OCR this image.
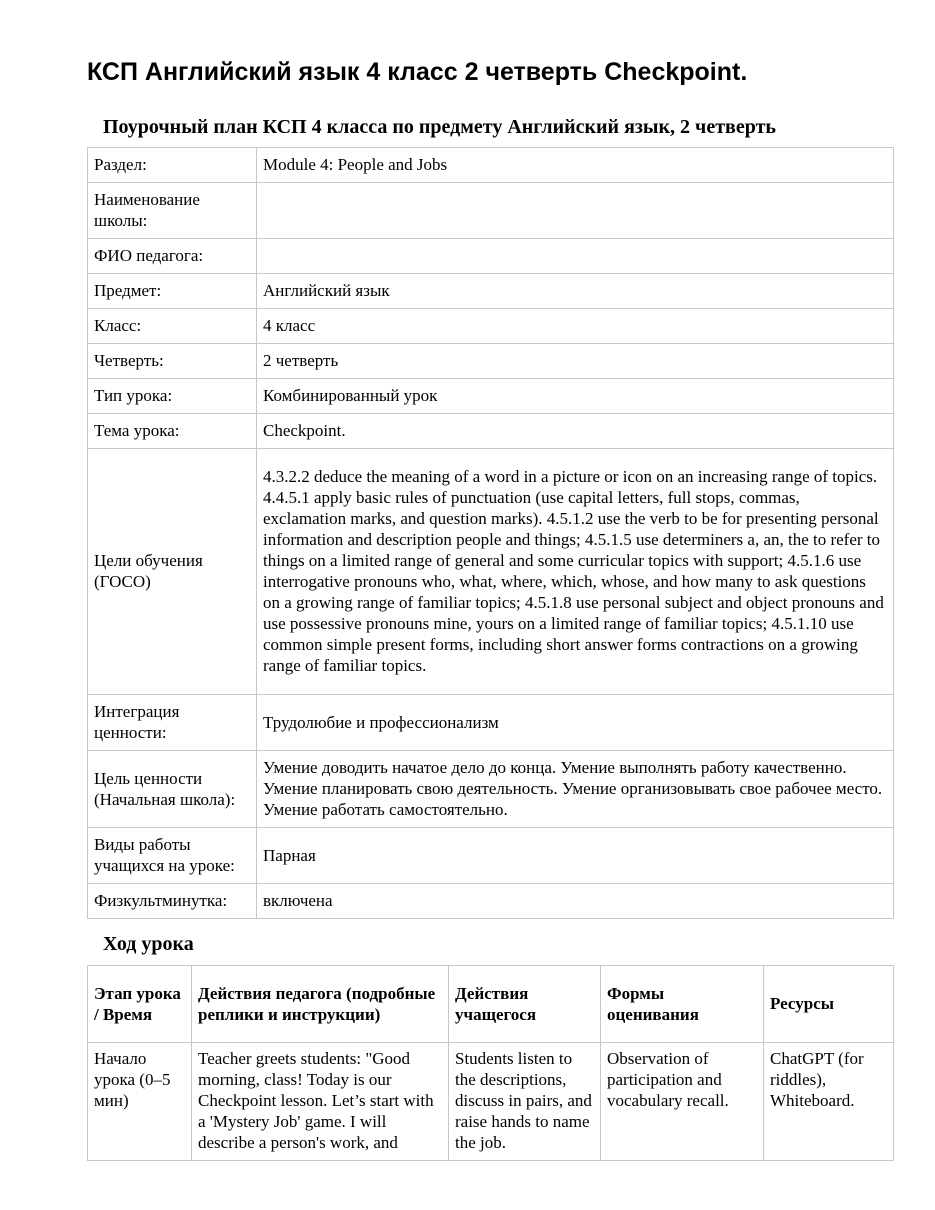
КСП Английский язык 4 класс 2 четверть Checkpoint.
Поурочный план КСП 4 класса по предмету Английский язык, 2 четверть
Раздел:	Module 4: People and Jobs
Наименование школы:	
ФИО педагога:	
Предмет:	Английский язык
Класс:	4 класс
Четверть:	2 четверть
Тип урока:	Комбинированный урок
Тема урока:	Checkpoint.
Цели обучения (ГОСО)	4.3.2.2 deduce the meaning of a word in a picture or icon on an increasing range of topics. 4.4.5.1 apply basic rules of punctuation (use capital letters, full stops, commas, exclamation marks, and question marks). 4.5.1.2 use the verb to be for presenting personal information and description people and things; 4.5.1.5 use determiners a, an, the to refer to things on a limited range of general and some curricular topics with support; 4.5.1.6 use interrogative pronouns who, what, where, which, whose, and how many to ask questions on a growing range of familiar topics; 4.5.1.8 use personal subject and object pronouns and use possessive pronouns mine, yours on a limited range of familiar topics; 4.5.1.10 use common simple present forms, including short answer forms contractions on a growing range of familiar topics.
Интеграция ценности:	Трудолюбие и профессионализм
Цель ценности (Начальная школа):	Умение доводить начатое дело до конца. Умение выполнять работу качественно. Умение планировать свою деятельность. Умение организовывать свое рабочее место. Умение работать самостоятельно.
Виды работы учащихся на уроке:	Парная
Физкультминутка:	включена
Ход урока
Этап урока / Время	Действия педагога (подробные реплики и инструкции)	Действия учащегося	Формы оценивания	Ресурсы
Начало урока (0–5 мин)	Teacher greets students: "Good morning, class! Today is our Checkpoint lesson. Let’s start with a 'Mystery Job' game. I will describe a person's work, and	Students listen to the descriptions, discuss in pairs, and raise hands to name the job.	Observation of participation and vocabulary recall.	ChatGPT (for riddles), Whiteboard.
